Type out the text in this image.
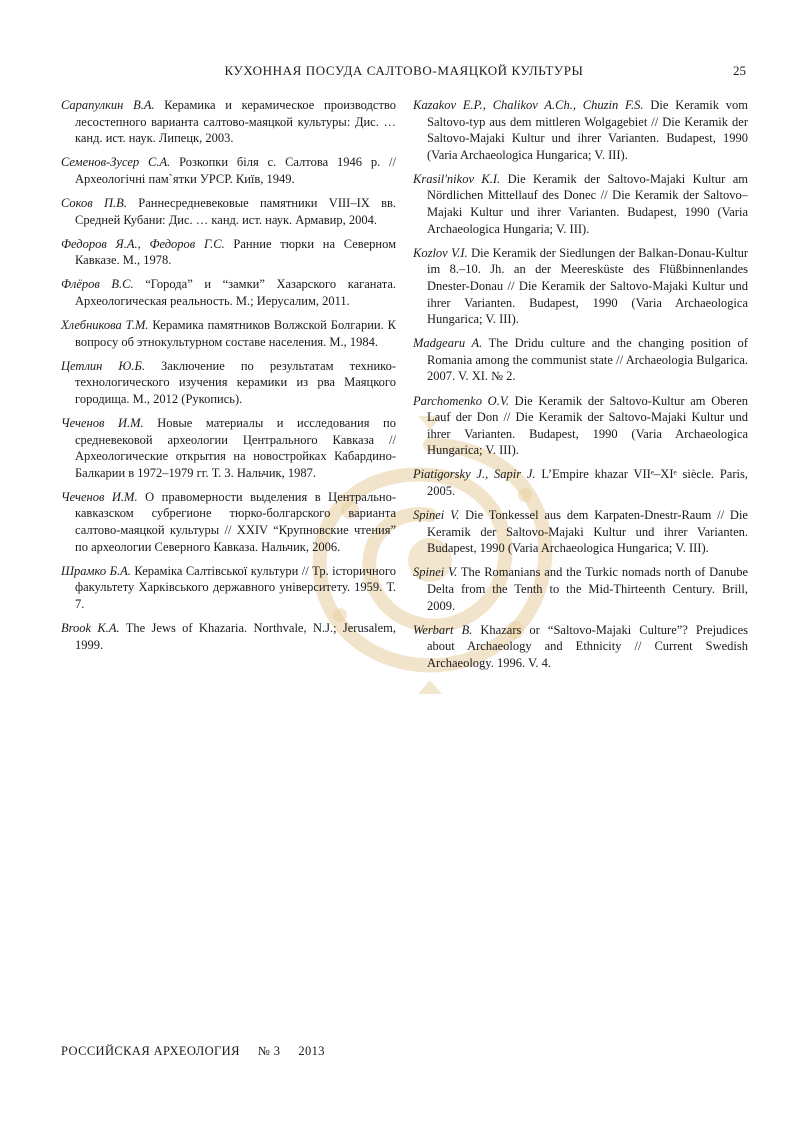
КУХОННАЯ ПОСУДА САЛТОВО-МАЯЦКОЙ КУЛЬТУРЫ	25

Сарапулкин В.А. Керамика и керамическое производство лесостепного варианта салтово-маяцкой культуры: Дис. … канд. ист. наук. Липецк, 2003.

Семенов-Зусер С.А. Розкопки біля с. Салтова 1946 р. // Археологічні пам`ятки УРСР. Київ, 1949.

Соков П.В. Раннесредневековые памятники VIII–IX вв. Средней Кубани: Дис. … канд. ист. наук. Армавир, 2004.

Федоров Я.А., Федоров Г.С. Ранние тюрки на Северном Кавказе. М., 1978.

Флёров В.С. “Города” и “замки” Хазарского каганата. Археологическая реальность. М.; Иерусалим, 2011.

Хлебникова Т.М. Керамика памятников Волжской Болгарии. К вопросу об этнокультурном составе населения. М., 1984.

Цетлин Ю.Б. Заключение по результатам технико-технологического изучения керамики из рва Маяцкого городища. М., 2012 (Рукопись).

Чеченов И.М. Новые материалы и исследования по средневековой археологии Центрального Кавказа // Археологические открытия на новостройках Кабардино-Балкарии в 1972–1979 гг. Т. 3. Нальчик, 1987.

Чеченов И.М. О правомерности выделения в Центрально-кавказском субрегионе тюрко-болгарского варианта салтово-маяцкой культуры // XXIV “Крупновские чтения” по археологии Северного Кавказа. Нальчик, 2006.

Шрамко Б.А. Кераміка Салтівської культури // Тр. історичного факультету Харківського державного університету. 1959. Т. 7.

Brook K.A. The Jews of Khazaria. Northvale, N.J.; Jerusalem, 1999.

Kazakov E.P., Chalikov A.Ch., Chuzin F.S. Die Keramik vom Saltovo-typ aus dem mittleren Wolgagebiet // Die Keramik der Saltovo-Majaki Kultur und ihrer Varianten. Budapest, 1990 (Varia Archaeologica Hungarica; V. III).

Krasil'nikov K.I. Die Keramik der Saltovo-Majaki Kultur am Nördlichen Mittellauf des Donec // Die Keramik der Saltovo–Majaki Kultur und ihrer Varianten. Budapest, 1990 (Varia Archaeologica Hungaria; V. III).

Kozlov V.I. Die Keramik der Siedlungen der Balkan-Donau-Kultur im 8.–10. Jh. an der Meeresküste des Flüßbinnenlandes Dnester-Donau // Die Keramik der Saltovo-Majaki Kultur und ihrer Varianten. Budapest, 1990 (Varia Archaeologica Hungarica; V. III).

Madgearu A. The Dridu culture and the changing position of Romania among the communist state // Archaeologia Bulgarica. 2007. V. XI. № 2.

Parchomenko O.V. Die Keramik der Saltovo-Kultur am Oberen Lauf der Don // Die Keramik der Saltovo-Majaki Kultur und ihrer Varianten. Budapest, 1990 (Varia Archaeologica Hungarica; V. III).

Piatigorsky J., Sapir J. L’Empire khazar VIIᵉ–XIᵉ siècle. Paris, 2005.

Spinei V. Die Tonkessel aus dem Karpaten-Dnestr-Raum // Die Keramik der Saltovo-Majaki Kultur und ihrer Varianten. Budapest, 1990 (Varia Archaeologica Hungarica; V. III).

Spinei V. The Romanians and the Turkic nomads north of Danube Delta from the Tenth to the Mid-Thirteenth Century. Brill, 2009.

Werbart B. Khazars or “Saltovo-Majaki Culture”? Prejudices about Archaeology and Ethnicity // Current Swedish Archaeology. 1996. V. 4.

РОССИЙСКАЯ АРХЕОЛОГИЯ № 3 2013
